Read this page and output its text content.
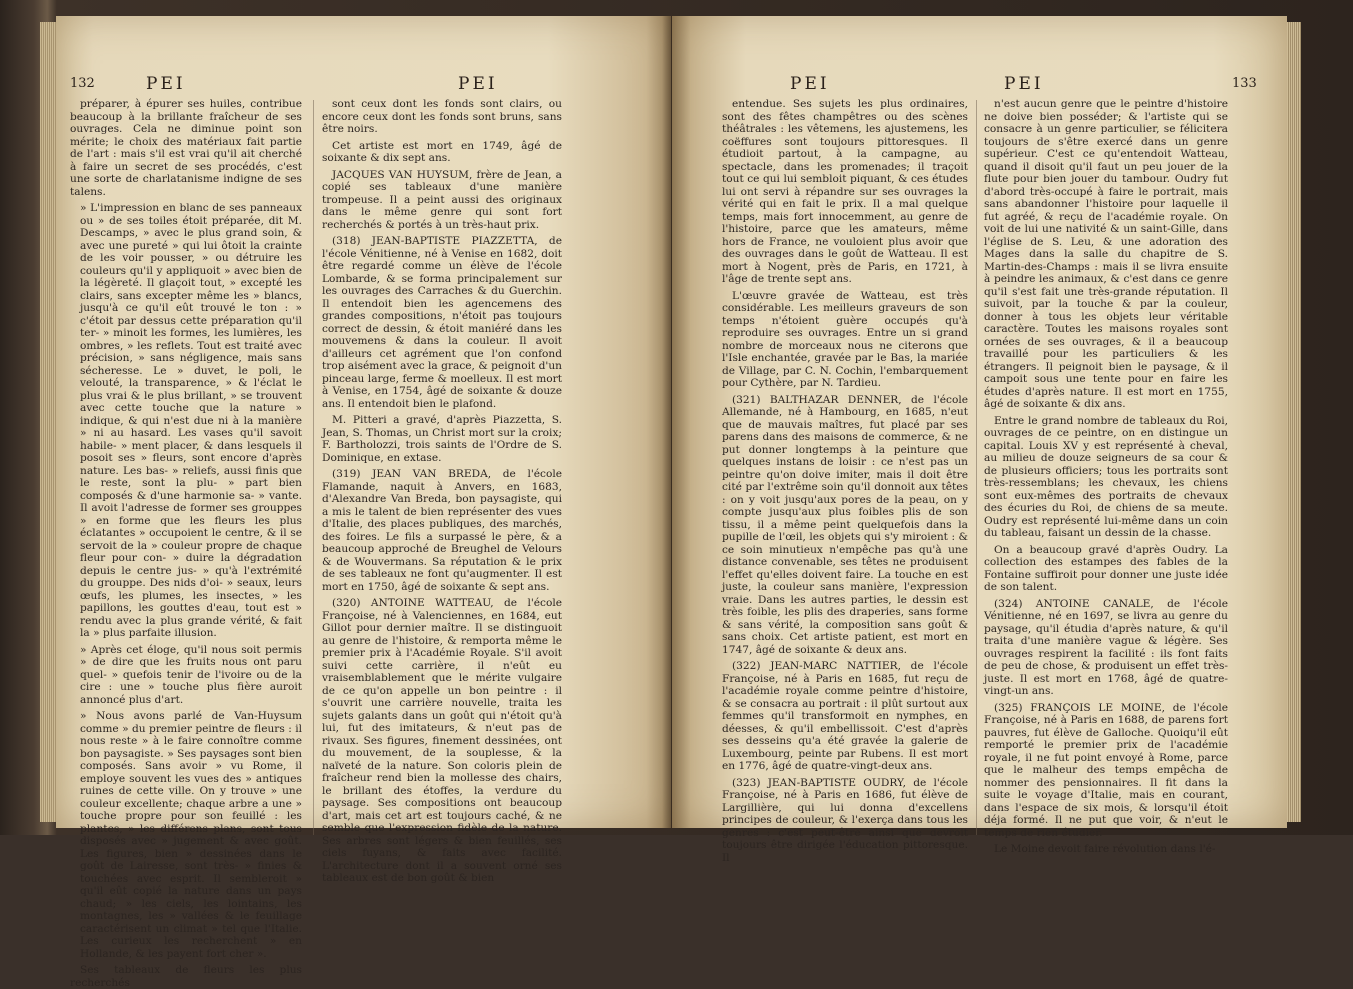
132	PEI	PEI

préparer, à épurer ses huiles, contribue beaucoup à la brillante fraîcheur de ses ouvrages. Cela ne diminue point son mérite; le choix des matériaux fait partie de l'art : mais s'il est vrai qu'il ait cherché à faire un secret de ses procédés, c'est une sorte de charlatanisme indigne de ses talens.

» L'impression en blanc de ses panneaux ou » de ses toiles étoit préparée, dit M. Descamps, » avec le plus grand soin, & avec une pureté » qui lui ôtoit la crainte de les voir pousser, » ou détruire les couleurs qu'il y appliquoit » avec bien de la légèreté. Il glaçoit tout, » excepté les clairs, sans excepter même les » blancs, jusqu'à ce qu'il eût trouvé le ton : » c'étoit par dessus cette préparation qu'il ter- » minoit les formes, les lumières, les ombres, » les reflets. Tout est traité avec précision, » sans négligence, mais sans sécheresse. Le » duvet, le poli, le velouté, la transparence, » & l'éclat le plus vrai & le plus brillant, » se trouvent avec cette touche que la nature » indique, & qui n'est due ni à la manière » ni au hasard. Les vases qu'il savoit habile- » ment placer, & dans lesquels il posoit ses » fleurs, sont encore d'après nature. Les bas- » reliefs, aussi finis que le reste, sont la plu- » part bien composés & d'une harmonie sa- » vante. Il avoit l'adresse de former ses grouppes » en forme que les fleurs les plus éclatantes » occupoient le centre, & il se servoit de la » couleur propre de chaque fleur pour con- » duire la dégradation depuis le centre jus- » qu'à l'extrémité du grouppe. Des nids d'oi- » seaux, leurs œufs, les plumes, les insectes, » les papillons, les gouttes d'eau, tout est » rendu avec la plus grande vérité, & fait la » plus parfaite illusion.

» Après cet éloge, qu'il nous soit permis » de dire que les fruits nous ont paru quel- » quefois tenir de l'ivoire ou de la cire : une » touche plus fière auroit annoncé plus d'art.

» Nous avons parlé de Van-Huysum comme » du premier peintre de fleurs : il nous reste » à le faire connoître comme bon paysagiste. » Ses paysages sont bien composés. Sans avoir » vu Rome, il employe souvent les vues des » antiques ruines de cette ville. On y trouve » une couleur excellente; chaque arbre a une » touche propre pour son feuillé : les plantes, » les différens plans, sont tous disposés avec » jugement & avec goût. Les figures, bien » dessinées dans le goût de Lairesse, sont très- » finies & touchées avec esprit. Il sembleroit » qu'il eût copié la nature dans un pays chaud; » les ciels, les lointains, les montagnes, les » vallées & le feuillage caractérisent un climat » tel que l'Italie. Les curieux les recherchent » en Hollande, & les payent fort cher ».

Ses tableaux de fleurs les plus recherchés

sont ceux dont les fonds sont clairs, ou encore ceux dont les fonds sont bruns, sans être noirs.

Cet artiste est mort en 1749, âgé de soixante & dix sept ans.

JACQUES VAN HUYSUM, frère de Jean, a copié ses tableaux d'une manière trompeuse. Il a peint aussi des originaux dans le même genre qui sont fort recherchés & portés à un très-haut prix.

(318) JEAN-BAPTISTE PIAZZETTA, de l'école Vénitienne, né à Venise en 1682, doit être regardé comme un élève de l'école Lombarde, & se forma principalement sur les ouvrages des Carraches & du Guerchin. Il entendoit bien les agencemens des grandes compositions, n'étoit pas toujours correct de dessin, & étoit maniéré dans les mouvemens & dans la couleur. Il avoit d'ailleurs cet agrément que l'on confond trop aisément avec la grace, & peignoit d'un pinceau large, ferme & moelleux. Il est mort à Venise, en 1754, âgé de soixante & douze ans. Il entendoit bien le plafond.

M. Pitteri a gravé, d'après Piazzetta, S. Jean, S. Thomas, un Christ mort sur la croix; F. Bartholozzi, trois saints de l'Ordre de S. Dominique, en extase.

(319) JEAN VAN BREDA, de l'école Flamande, naquit à Anvers, en 1683, d'Alexandre Van Breda, bon paysagiste, qui a mis le talent de bien représenter des vues d'Italie, des places publiques, des marchés, des foires. Le fils a surpassé le père, & a beaucoup approché de Breughel de Velours & de Wouvermans. Sa réputation & le prix de ses tableaux ne font qu'augmenter. Il est mort en 1750, âgé de soixante & sept ans.

(320) ANTOINE WATTEAU, de l'école Françoise, né à Valenciennes, en 1684, eut Gillot pour dernier maître. Il se distinguoit au genre de l'histoire, & remporta même le premier prix à l'Académie Royale. S'il avoit suivi cette carrière, il n'eût eu vraisemblablement que le mérite vulgaire de ce qu'on appelle un bon peintre : il s'ouvrit une carrière nouvelle, traita les sujets galants dans un goût qui n'étoit qu'à lui, fut des imitateurs, & n'eut pas de rivaux. Ses figures, finement dessinées, ont du mouvement, de la souplesse, & la naïveté de la nature. Son coloris plein de fraîcheur rend bien la mollesse des chairs, le brillant des étoffes, la verdure du paysage. Ses compositions ont beaucoup d'art, mais cet art est toujours caché, & ne semble que l'expression fidèle de la nature. Ses arbres sont légers & bien feuillés, ses ciels fuyans, & faits avec facilité. L'architecture dont il a souvent orné ses tableaux est de bon goût & bien

PEI	PEI	133

entendue. Ses sujets les plus ordinaires, sont des fêtes champêtres ou des scènes théâtrales : les vêtemens, les ajustemens, les coëffures sont toujours pittoresques. Il étudioit partout, à la campagne, au spectacle, dans les promenades; il traçoit tout ce qui lui sembloit piquant, & ces études lui ont servi à répandre sur ses ouvrages la vérité qui en fait le prix. Il a mal quelque temps, mais fort innocemment, au genre de l'histoire, parce que les amateurs, même hors de France, ne vouloient plus avoir que des ouvrages dans le goût de Watteau. Il est mort à Nogent, près de Paris, en 1721, à l'âge de trente sept ans.

L'œuvre gravée de Watteau, est très considérable. Les meilleurs graveurs de son temps n'étoient guère occupés qu'à reproduire ses ouvrages. Entre un si grand nombre de morceaux nous ne citerons que l'Isle enchantée, gravée par le Bas, la mariée de Village, par C. N. Cochin, l'embarquement pour Cythère, par N. Tardieu.

(321) BALTHAZAR DENNER, de l'école Allemande, né à Hambourg, en 1685, n'eut que de mauvais maîtres, fut placé par ses parens dans des maisons de commerce, & ne put donner longtemps à la peinture que quelques instans de loisir : ce n'est pas un peintre qu'on doive imiter, mais il doit être cité par l'extrême soin qu'il donnoit aux têtes : on y voit jusqu'aux pores de la peau, on y compte jusqu'aux plus foibles plis de son tissu, il a même peint quelquefois dans la pupille de l'œil, les objets qui s'y miroient : & ce soin minutieux n'empêche pas qu'à une distance convenable, ses têtes ne produisent l'effet qu'elles doivent faire. La touche en est juste, la couleur sans manière, l'expression vraie. Dans les autres parties, le dessin est très foible, les plis des draperies, sans forme & sans vérité, la composition sans goût & sans choix. Cet artiste patient, est mort en 1747, âgé de soixante & deux ans.

(322) JEAN-MARC NATTIER, de l'école Françoise, né à Paris en 1685, fut reçu de l'académie royale comme peintre d'histoire, & se consacra au portrait : il plût surtout aux femmes qu'il transformoit en nymphes, en déesses, & qu'il embellissoit. C'est d'après ses desseins qu'a été gravée la galerie de Luxembourg, peinte par Rubens. Il est mort en 1776, âgé de quatre-vingt-deux ans.

(323) JEAN-BAPTISTE OUDRY, de l'école Françoise, né à Paris en 1686, fut élève de Largillière, qui lui donna d'excellens principes de couleur, & l'exerça dans tous les genres : c'est peut-être ainsi que devroit toujours être dirigée l'éducation pittoresque. Il

n'est aucun genre que le peintre d'histoire ne doive bien posséder; & l'artiste qui se consacre à un genre particulier, se félicitera toujours de s'être exercé dans un genre supérieur. C'est ce qu'entendoit Watteau, quand il disoit qu'il faut un peu jouer de la flute pour bien jouer du tambour. Oudry fut d'abord très-occupé à faire le portrait, mais sans abandonner l'histoire pour laquelle il fut agréé, & reçu de l'académie royale. On voit de lui une nativité & un saint-Gille, dans l'église de S. Leu, & une adoration des Mages dans la salle du chapitre de S. Martin-des-Champs : mais il se livra ensuite à peindre les animaux, & c'est dans ce genre qu'il s'est fait une très-grande réputation. Il suivoit, par la touche & par la couleur, donner à tous les objets leur véritable caractère. Toutes les maisons royales sont ornées de ses ouvrages, & il a beaucoup travaillé pour les particuliers & les étrangers. Il peignoit bien le paysage, & il campoit sous une tente pour en faire les études d'après nature. Il est mort en 1755, âgé de soixante & dix ans.

Entre le grand nombre de tableaux du Roi, ouvrages de ce peintre, on en distingue un capital. Louis XV y est représenté à cheval, au milieu de douze seigneurs de sa cour & de plusieurs officiers; tous les portraits sont très-ressemblans; les chevaux, les chiens sont eux-mêmes des portraits de chevaux des écuries du Roi, de chiens de sa meute. Oudry est représenté lui-même dans un coin du tableau, faisant un dessin de la chasse.

On a beaucoup gravé d'après Oudry. La collection des estampes des fables de la Fontaine suffiroit pour donner une juste idée de son talent.

(324) ANTOINE CANALE, de l'école Vénitienne, né en 1697, se livra au genre du paysage, qu'il étudia d'après nature, & qu'il traita d'une manière vague & légère. Ses ouvrages respirent la facilité : ils font faits de peu de chose, & produisent un effet très-juste. Il est mort en 1768, âgé de quatre-vingt-un ans.

(325) FRANÇOIS LE MOINE, de l'école Françoise, né à Paris en 1688, de parens fort pauvres, fut élève de Galloche. Quoiqu'il eût remporté le premier prix de l'académie royale, il ne fut point envoyé à Rome, parce que le malheur des temps empêcha de nommer des pensionnaires. Il fit dans la suite le voyage d'Italie, mais en courant, dans l'espace de six mois, & lorsqu'il étoit déja formé. Il ne put que voir, & n'eut le temps de rien étudier.

Le Moine devoit faire révolution dans l'é-
